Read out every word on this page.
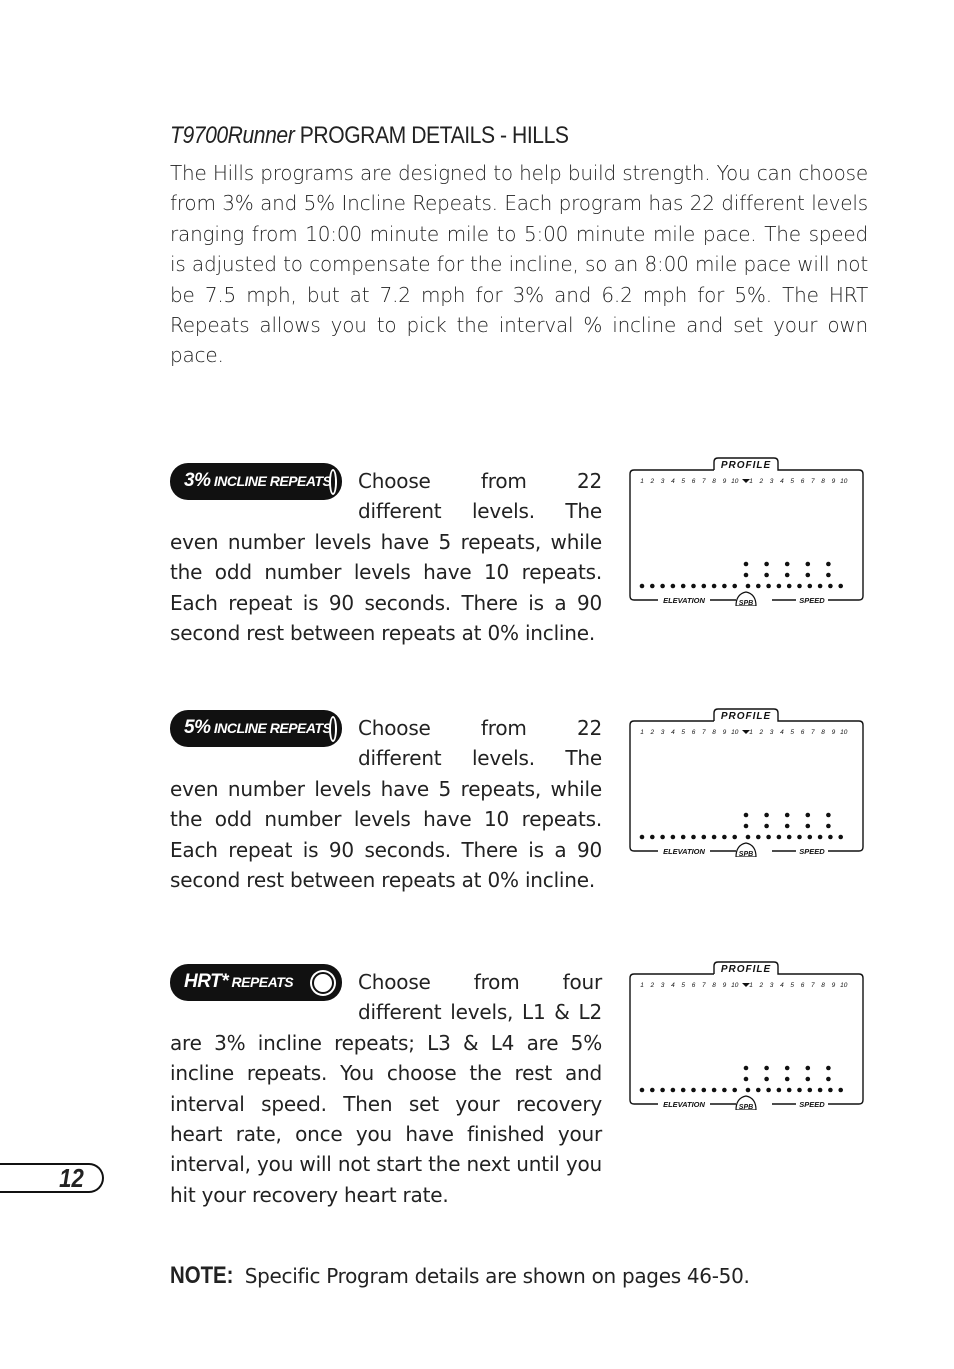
T9700Runner PROGRAM DETAILS - HILLS

The Hills programs are designed to help build strength. You can choose from 3% and 5% Incline Repeats. Each program has 22 different levels ranging from 10:00 minute mile to 5:00 minute mile pace. The speed is adjusted to compensate for the incline, so an 8:00 mile pace will not be 7.5 mph, but at 7.2 mph for 3% and 6.2 mph for 5%. The HRT Repeats allows you to pick the interval % incline and set your own pace.

3% INCLINE REPEATS Choose from 22 different levels. The even number levels have 5 repeats, while the odd number levels have 10 repeats. Each repeat is 90 seconds. There is a 90 second rest between repeats at 0% incline.

PROFILE
1 2 3 4 5 6 7 8 9 10 1 2 3 4 5 6 7 8 9 10
ELEVATION	SPB	SPEED

5% INCLINE REPEATS Choose from 22 different levels. The even number levels have 5 repeats, while the odd number levels have 10 repeats. Each repeat is 90 seconds. There is a 90 second rest between repeats at 0% incline.

PROFILE
1 2 3 4 5 6 7 8 9 10 1 2 3 4 5 6 7 8 9 10
ELEVATION	SPB	SPEED

HRT* REPEATS	Choose from four different levels, L1 & L2 are 3% incline repeats; L3 & L4 are 5% incline repeats. You choose the rest and interval speed. Then set your recovery heart rate, once you have finished your interval, you will not start the next until you hit your recovery heart rate.

PROFILE
1 2 3 4 5 6 7 8 9 10 1 2 3 4 5 6 7 8 9 10
ELEVATION	SPB	SPEED
12

NOTE: Specific Program details are shown on pages 46-50.
